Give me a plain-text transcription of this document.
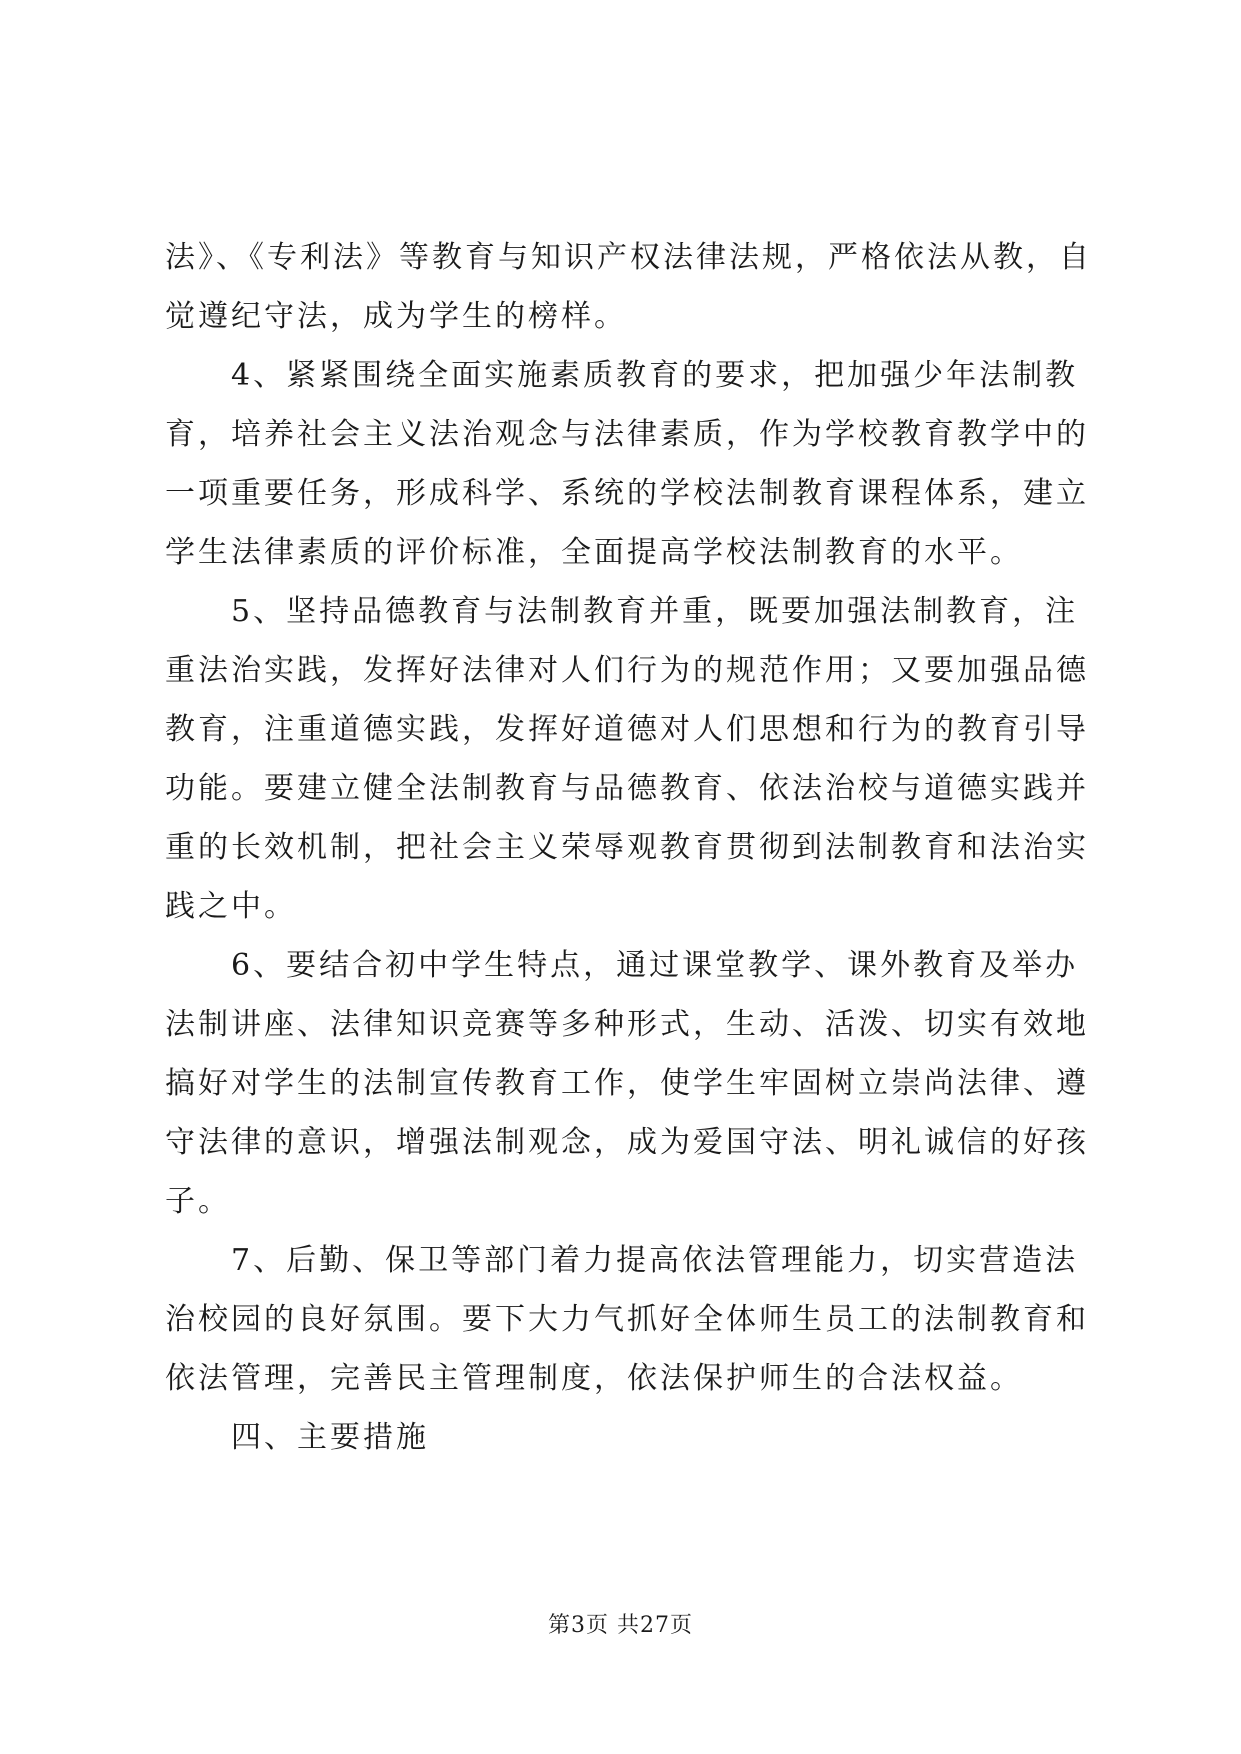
法》、《专利法》等教育与知识产权法律法规，严格依法从教，自
觉遵纪守法，成为学生的榜样。
　　4、紧紧围绕全面实施素质教育的要求，把加强少年法制教
育，培养社会主义法治观念与法律素质，作为学校教育教学中的
一项重要任务，形成科学、系统的学校法制教育课程体系，建立
学生法律素质的评价标准，全面提高学校法制教育的水平。
　　5、坚持品德教育与法制教育并重，既要加强法制教育，注
重法治实践，发挥好法律对人们行为的规范作用；又要加强品德
教育，注重道德实践，发挥好道德对人们思想和行为的教育引导
功能。要建立健全法制教育与品德教育、依法治校与道德实践并
重的长效机制，把社会主义荣辱观教育贯彻到法制教育和法治实
践之中。
　　6、要结合初中学生特点，通过课堂教学、课外教育及举办
法制讲座、法律知识竞赛等多种形式，生动、活泼、切实有效地
搞好对学生的法制宣传教育工作，使学生牢固树立崇尚法律、遵
守法律的意识，增强法制观念，成为爱国守法、明礼诚信的好孩
子。
　　7、后勤、保卫等部门着力提高依法管理能力，切实营造法
治校园的良好氛围。要下大力气抓好全体师生员工的法制教育和
依法管理，完善民主管理制度，依法保护师生的合法权益。
　　四、主要措施
第3页 共27页
